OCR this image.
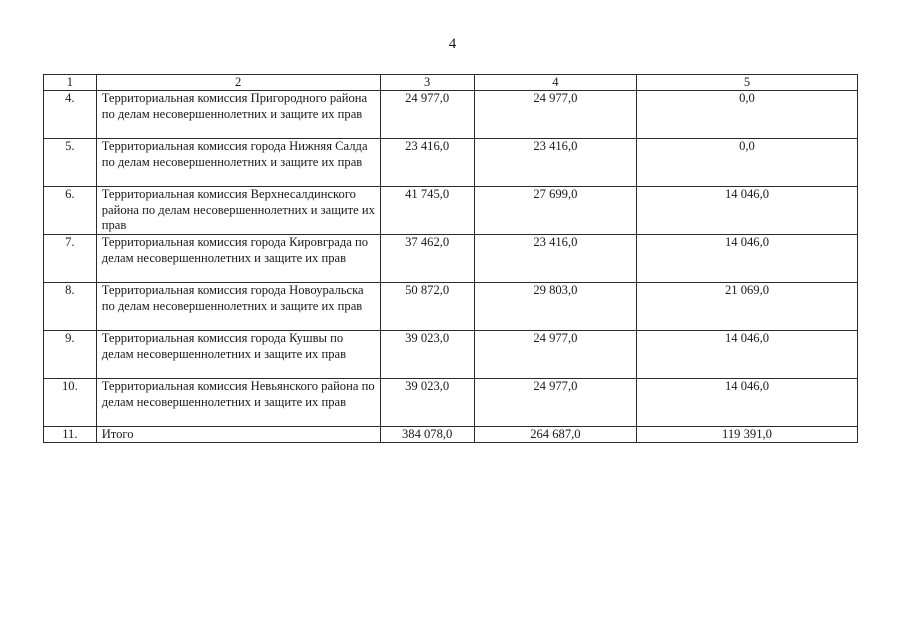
4
1	2	3	4	5
4.	Территориальная комиссия Пригородного района по делам несовершеннолетних и защите их прав	24 977,0	24 977,0	0,0
5.	Территориальная комиссия города Нижняя Салда по делам несовершеннолетних и защите их прав	23 416,0	23 416,0	0,0
6.	Территориальная комиссия Верхнесалдинского района по делам несовершеннолетних и защите их прав	41 745,0	27 699,0	14 046,0
7.	Территориальная комиссия города Кировграда по делам несовершеннолетних и защите их прав	37 462,0	23 416,0	14 046,0
8.	Территориальная комиссия города Новоуральска по делам несовершеннолетних и защите их прав	50 872,0	29 803,0	21 069,0
9.	Территориальная комиссия города Кушвы по делам несовершеннолетних и защите их прав	39 023,0	24 977,0	14 046,0
10.	Территориальная комиссия Невьянского района по делам несовершеннолетних и защите их прав	39 023,0	24 977,0	14 046,0
11.	Итого	384 078,0	264 687,0	119 391,0
